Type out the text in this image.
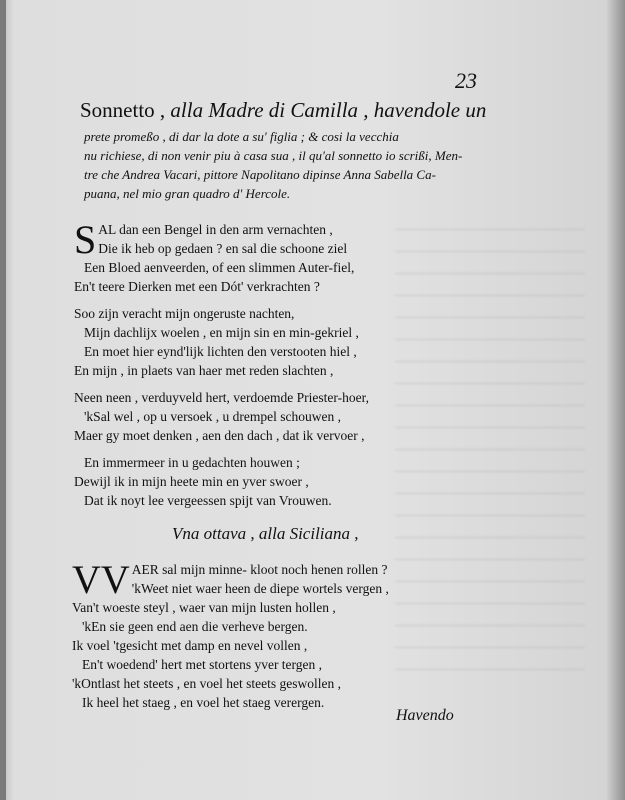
23
Sonnetto , alla Madre di Camilla , havendole un
prete promeßo , di dar la dote a su' figlia ; & cosi la vecchia
nu richiese, di non venir piu à casa sua , il qu'al sonnetto io scrißi, Men-
tre che Andrea Vacari, pittore Napolitano dipinse Anna Sabella Ca-
puana, nel mio gran quadro d' Hercole.
S AL dan een Bengel in den arm vernachten ,
Die ik heb op gedaen ? en sal die schoone ziel
Een Bloed aenveerden, of een slimmen Auter-fiel,
En't teere Dierken met een Dót' verkrachten ?
Soo zijn veracht mijn ongeruste nachten,
Mijn dachlijx woelen , en mijn sin en min-gekriel ,
En moet hier eynd'lijk lichten den verstooten hiel ,
En mijn , in plaets van haer met reden slachten ,
Neen neen , verduyveld hert, verdoemde Priester-hoer,
'kSal wel , op u versoek , u drempel schouwen ,
Maer gy moet denken , aen den dach , dat ik vervoer ,
En immermeer in u gedachten houwen ;
Dewijl ik in mijn heete min en yver swoer ,
Dat ik noyt lee vergeessen spijt van Vrouwen.
Vna ottava , alla Siciliana ,
VV AER sal mijn minne- kloot noch henen rollen ?
'kWeet niet waer heen de diepe wortels vergen ,
Van't woeste steyl , waer van mijn lusten hollen ,
'kEn sie geen end aen die verheve bergen.
Ik voel 'tgesicht met damp en nevel vollen ,
En't woedend' hert met stortens yver tergen ,
'kOntlast het steets , en voel het steets geswollen ,
Ik heel het staeg , en voel het staeg verergen.
Havendo
